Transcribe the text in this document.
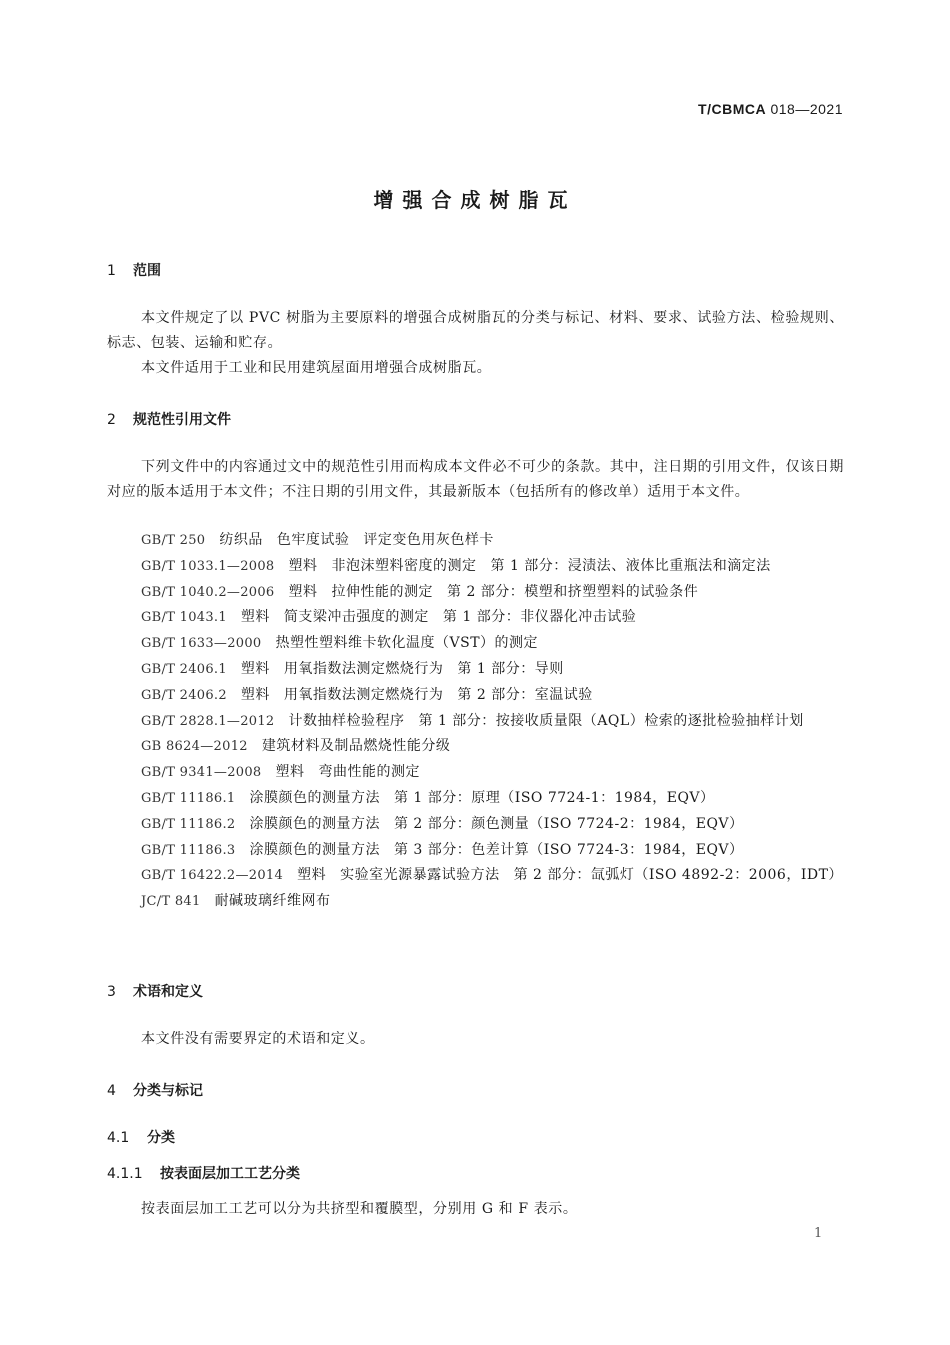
T/CBMCA 018—2021
增强合成树脂瓦
1 范围
本文件规定了以 PVC 树脂为主要原料的增强合成树脂瓦的分类与标记、材料、要求、试验方法、检验规则、标志、包装、运输和贮存。
本文件适用于工业和民用建筑屋面用增强合成树脂瓦。
2 规范性引用文件
下列文件中的内容通过文中的规范性引用而构成本文件必不可少的条款。其中，注日期的引用文件，仅该日期对应的版本适用于本文件；不注日期的引用文件，其最新版本（包括所有的修改单）适用于本文件。
GB/T 250 纺织品 色牢度试验 评定变色用灰色样卡
GB/T 1033.1—2008 塑料 非泡沫塑料密度的测定 第 1 部分：浸渍法、液体比重瓶法和滴定法
GB/T 1040.2—2006 塑料 拉伸性能的测定 第 2 部分：模塑和挤塑塑料的试验条件
GB/T 1043.1 塑料 简支梁冲击强度的测定 第 1 部分：非仪器化冲击试验
GB/T 1633—2000 热塑性塑料维卡软化温度（VST）的测定
GB/T 2406.1 塑料 用氧指数法测定燃烧行为 第 1 部分：导则
GB/T 2406.2 塑料 用氧指数法测定燃烧行为 第 2 部分：室温试验
GB/T 2828.1—2012 计数抽样检验程序 第 1 部分：按接收质量限（AQL）检索的逐批检验抽样计划
GB 8624—2012 建筑材料及制品燃烧性能分级
GB/T 9341—2008 塑料 弯曲性能的测定
GB/T 11186.1 涂膜颜色的测量方法 第 1 部分：原理（ISO 7724-1：1984，EQV）
GB/T 11186.2 涂膜颜色的测量方法 第 2 部分：颜色测量（ISO 7724-2：1984，EQV）
GB/T 11186.3 涂膜颜色的测量方法 第 3 部分：色差计算（ISO 7724-3：1984，EQV）
GB/T 16422.2—2014 塑料 实验室光源暴露试验方法 第 2 部分：氙弧灯（ISO 4892-2：2006，IDT）
JC/T 841 耐碱玻璃纤维网布
3 术语和定义
本文件没有需要界定的术语和定义。
4 分类与标记
4.1 分类
4.1.1 按表面层加工工艺分类
按表面层加工工艺可以分为共挤型和覆膜型，分别用 G 和 F 表示。
1
